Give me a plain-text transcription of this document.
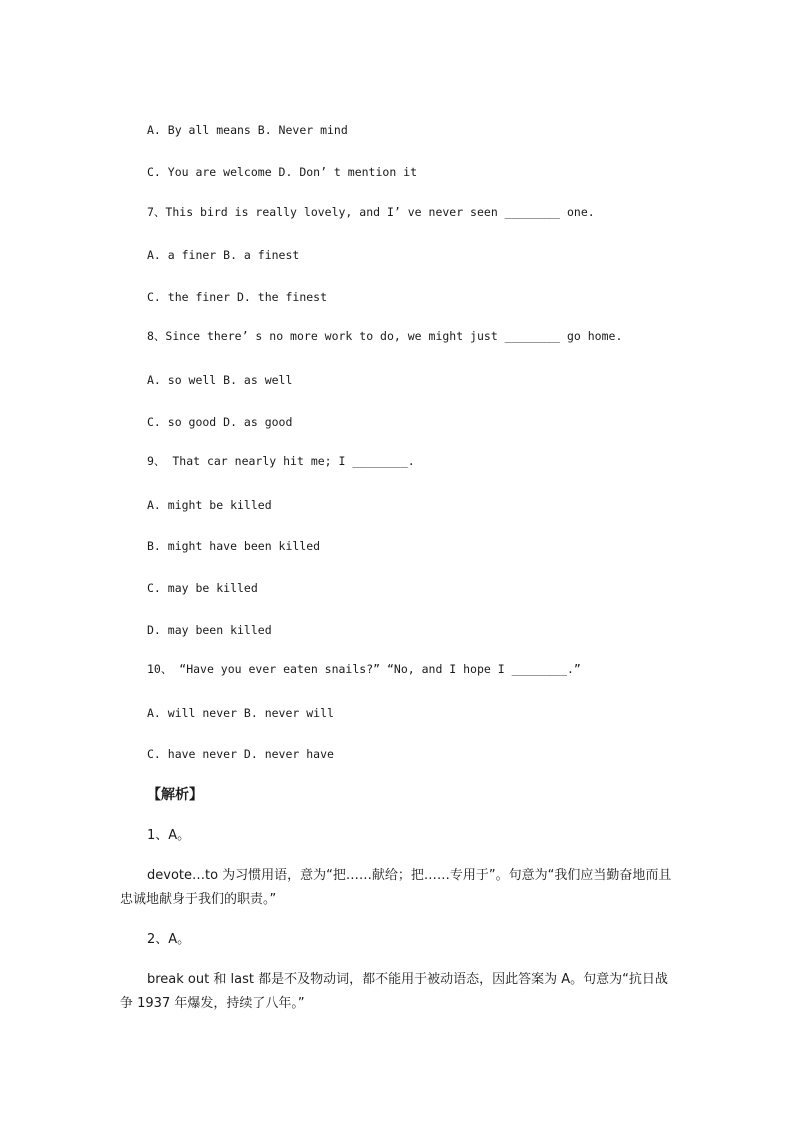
A. By all means B. Never mind
C. You are welcome D. Don’ t mention it
7、This bird is really lovely, and I’ ve never seen ________ one.
A. a finer B. a finest
C. the finer D. the finest
8、Since there’ s no more work to do, we might just ________ go home.
A. so well B. as well
C. so good D. as good
9、 That car nearly hit me; I ________.
A. might be killed
B. might have been killed
C. may be killed
D. may been killed
10、 “Have you ever eaten snails?” “No, and I hope I ________.”
A. will never B. never will
C. have never D. never have
【解析】
1、A。
devote…to 为习惯用语，意为“把……献给；把……专用于”。句意为“我们应当勤奋地而且忠诚地献身于我们的职责。”
2、A。
break out 和 last 都是不及物动词，都不能用于被动语态，因此答案为 A。句意为“抗日战争 1937 年爆发，持续了八年。”
